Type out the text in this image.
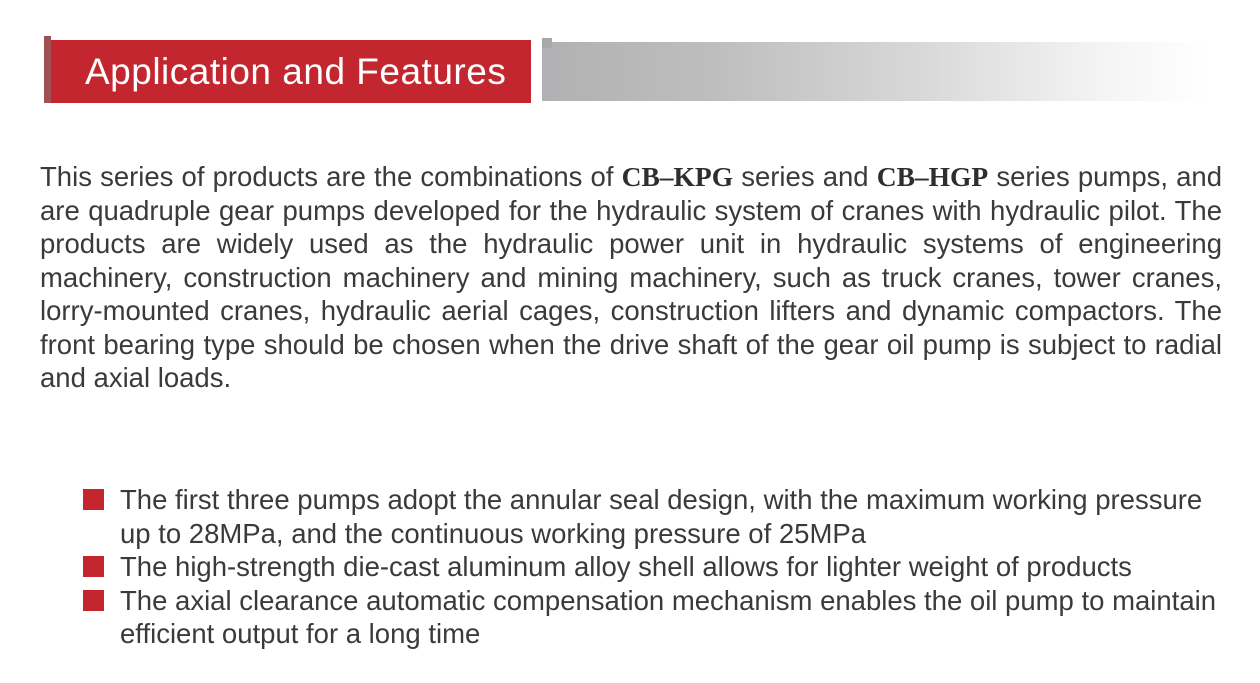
Application and Features

This series of products are the combinations of CB–KPG series and CB–HGP series pumps, and are quadruple gear pumps developed for the hydraulic system of cranes with hydraulic pilot. The products are widely used as the hydraulic power unit in hydraulic systems of engineering machinery, construction machinery and mining machinery, such as truck cranes, tower cranes, lorry-mounted cranes, hydraulic aerial cages, construction lifters and dynamic compactors. The front bearing type should be chosen when the drive shaft of the gear oil pump is subject to radial and axial loads.

The first three pumps adopt the annular seal design, with the maximum working pressure up to 28MPa, and the continuous working pressure of 25MPa
The high-strength die-cast aluminum alloy shell allows for lighter weight of products
The axial clearance automatic compensation mechanism enables the oil pump to maintain efficient output for a long time
